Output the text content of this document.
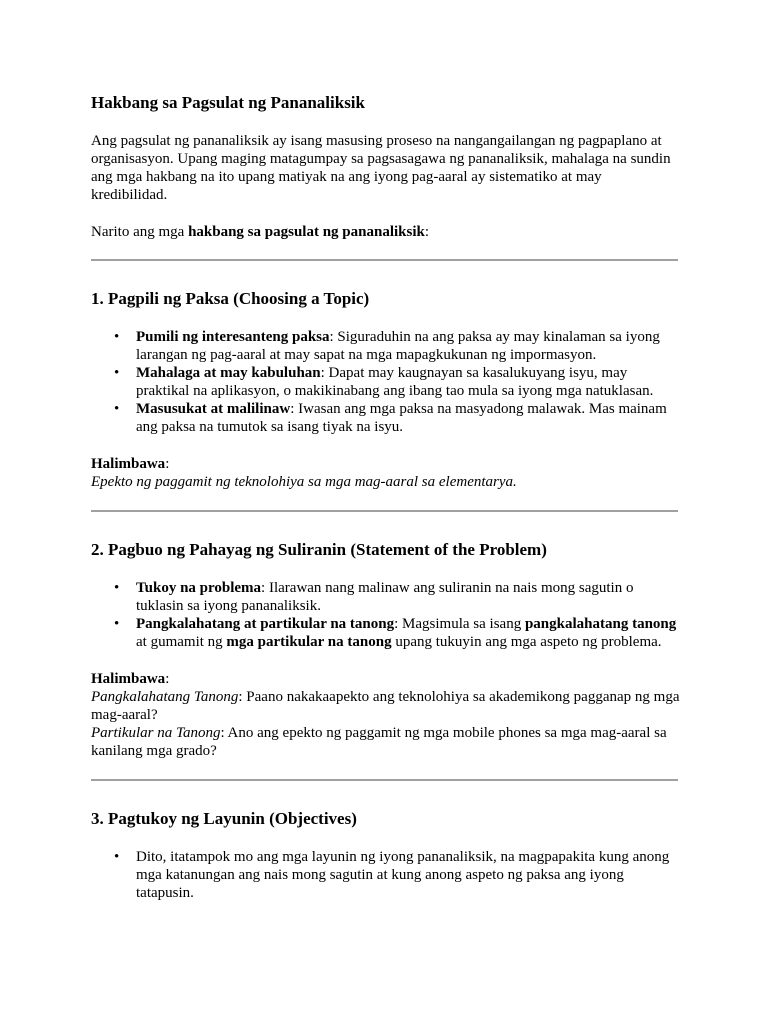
Hakbang sa Pagsulat ng Pananaliksik

Ang pagsulat ng pananaliksik ay isang masusing proseso na nangangailangan ng pagpaplano at organisasyon. Upang maging matagumpay sa pagsasagawa ng pananaliksik, mahalaga na sundin ang mga hakbang na ito upang matiyak na ang iyong pag-aaral ay sistematiko at may kredibilidad.

Narito ang mga hakbang sa pagsulat ng pananaliksik:

1. Pagpili ng Paksa (Choosing a Topic)
• Pumili ng interesanteng paksa: Siguraduhin na ang paksa ay may kinalaman sa iyong larangan ng pag-aaral at may sapat na mga mapagkukunan ng impormasyon.
• Mahalaga at may kabuluhan: Dapat may kaugnayan sa kasalukuyang isyu, may praktikal na aplikasyon, o makikinabang ang ibang tao mula sa iyong mga natuklasan.
• Masusukat at malilinaw: Iwasan ang mga paksa na masyadong malawak. Mas mainam ang paksa na tumutok sa isang tiyak na isyu.

Halimbawa:

Epekto ng paggamit ng teknolohiya sa mga mag-aaral sa elementarya.

2. Pagbuo ng Pahayag ng Suliranin (Statement of the Problem)
• Tukoy na problema: Ilarawan nang malinaw ang suliranin na nais mong sagutin o tuklasin sa iyong pananaliksik.
• Pangkalahatang at partikular na tanong: Magsimula sa isang pangkalahatang tanong at gumamit ng mga partikular na tanong upang tukuyin ang mga aspeto ng problema.

Halimbawa:

Pangkalahatang Tanong: Paano nakakaapekto ang teknolohiya sa akademikong pagganap ng mga mag-aaral?

Partikular na Tanong: Ano ang epekto ng paggamit ng mga mobile phones sa mga mag-aaral sa kanilang mga grado?

3. Pagtukoy ng Layunin (Objectives)
• Dito, itatampok mo ang mga layunin ng iyong pananaliksik, na magpapakita kung anong mga katanungan ang nais mong sagutin at kung anong aspeto ng paksa ang iyong tatapusin.
